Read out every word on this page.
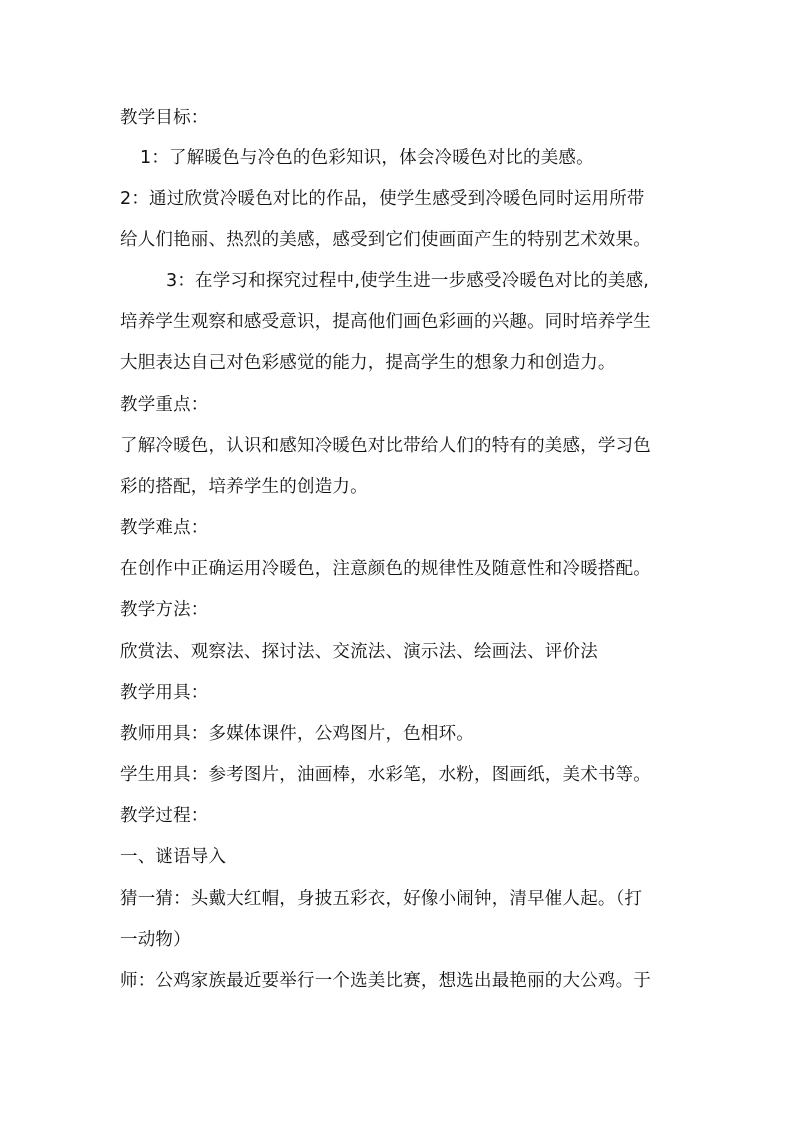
教学目标：
1：了解暖色与冷色的色彩知识，体会冷暖色对比的美感。
2：通过欣赏冷暖色对比的作品，使学生感受到冷暖色同时运用所带
给人们艳丽、热烈的美感，感受到它们使画面产生的特别艺术效果。
3：在学习和探究过程中,使学生进一步感受冷暖色对比的美感,
培养学生观察和感受意识，提高他们画色彩画的兴趣。同时培养学生
大胆表达自己对色彩感觉的能力，提高学生的想象力和创造力。
教学重点：
了解冷暖色，认识和感知冷暖色对比带给人们的特有的美感，学习色
彩的搭配，培养学生的创造力。
教学难点：
在创作中正确运用冷暖色，注意颜色的规律性及随意性和冷暖搭配。
教学方法：
欣赏法、观察法、探讨法、交流法、演示法、绘画法、评价法
教学用具：
教师用具：多媒体课件，公鸡图片，色相环。
学生用具：参考图片，油画棒，水彩笔，水粉，图画纸，美术书等。
教学过程：
一、谜语导入
猜一猜：头戴大红帽，身披五彩衣，好像小闹钟，清早催人起。（打
一动物）
师：公鸡家族最近要举行一个选美比赛，想选出最艳丽的大公鸡。于
